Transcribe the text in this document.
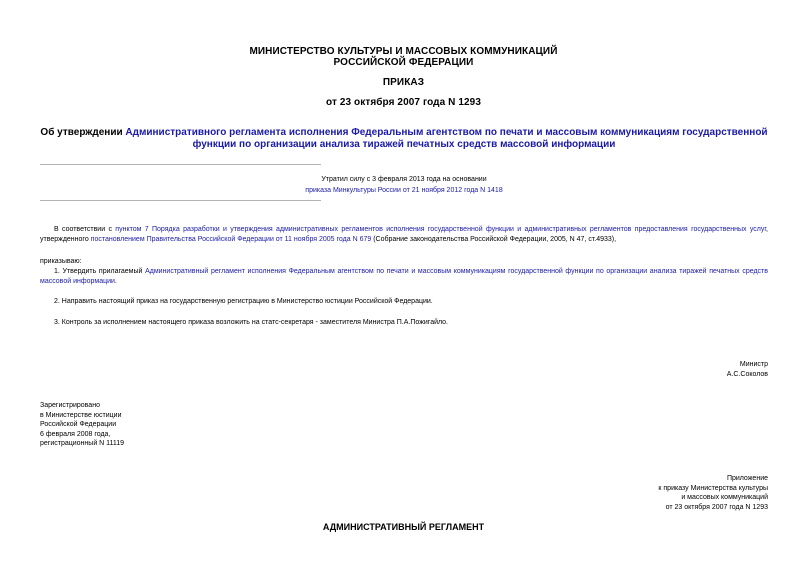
МИНИСТЕРСТВО КУЛЬТУРЫ И МАССОВЫХ КОММУНИКАЦИЙ
РОССИЙСКОЙ ФЕДЕРАЦИИ
ПРИКАЗ
от 23 октября 2007 года N 1293
Об утверждении Административного регламента исполнения Федеральным агентством по печати и массовым коммуникациям государственной функции по организации анализа тиражей печатных средств массовой информации
Утратил силу с 3 февраля 2013 года на основании
приказа Минкультуры России от 21 ноября 2012 года N 1418
В соответствии с пунктом 7 Порядка разработки и утверждения административных регламентов исполнения государственной функции и административных регламентов предоставления государственных услуг, утвержденного постановлением Правительства Российской Федерации от 11 ноября 2005 года N 679 (Собрание законодательства Российской Федерации, 2005, N 47, ст.4933),
приказываю:
1. Утвердить прилагаемый Административный регламент исполнения Федеральным агентством по печати и массовым коммуникациям государственной функции по организации анализа тиражей печатных средств массовой информации.
2. Направить настоящий приказ на государственную регистрацию в Министерство юстиции Российской Федерации.
3. Контроль за исполнением настоящего приказа возложить на статс-секретаря - заместителя Министра П.А.Пожигайло.
Министр
А.С.Соколов
Зарегистрировано
в Министерстве юстиции
Российской Федерации
6 февраля 2008 года,
регистрационный N 11119
Приложение
к приказу Министерства культуры
и массовых коммуникаций
от 23 октября 2007 года N 1293
АДМИНИСТРАТИВНЫЙ РЕГЛАМЕНТ
